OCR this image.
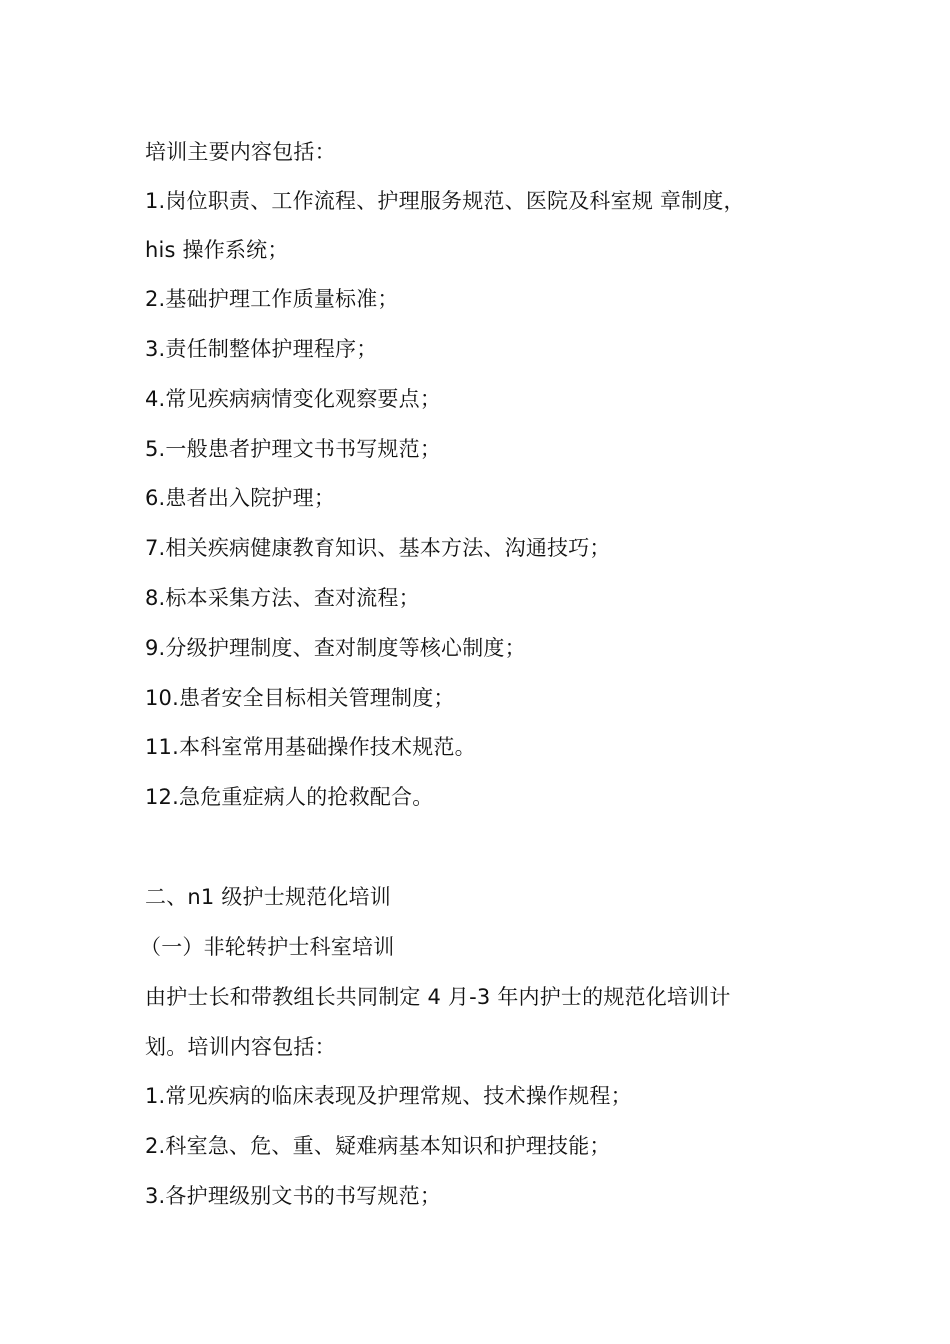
培训主要内容包括：
1.岗位职责、工作流程、护理服务规范、医院及科室规 章制度，
his 操作系统；
2.基础护理工作质量标准；
3.责任制整体护理程序；
4.常见疾病病情变化观察要点；
5.一般患者护理文书书写规范；
6.患者出入院护理；
7.相关疾病健康教育知识、基本方法、沟通技巧；
8.标本采集方法、查对流程；
9.分级护理制度、查对制度等核心制度；
10.患者安全目标相关管理制度；
11.本科室常用基础操作技术规范。
12.急危重症病人的抢救配合。
二、n1 级护士规范化培训
（一）非轮转护士科室培训
由护士长和带教组长共同制定 4 月-3 年内护士的规范化培训计
划。培训内容包括：
1.常见疾病的临床表现及护理常规、技术操作规程；
2.科室急、危、重、疑难病基本知识和护理技能；
3.各护理级别文书的书写规范；
